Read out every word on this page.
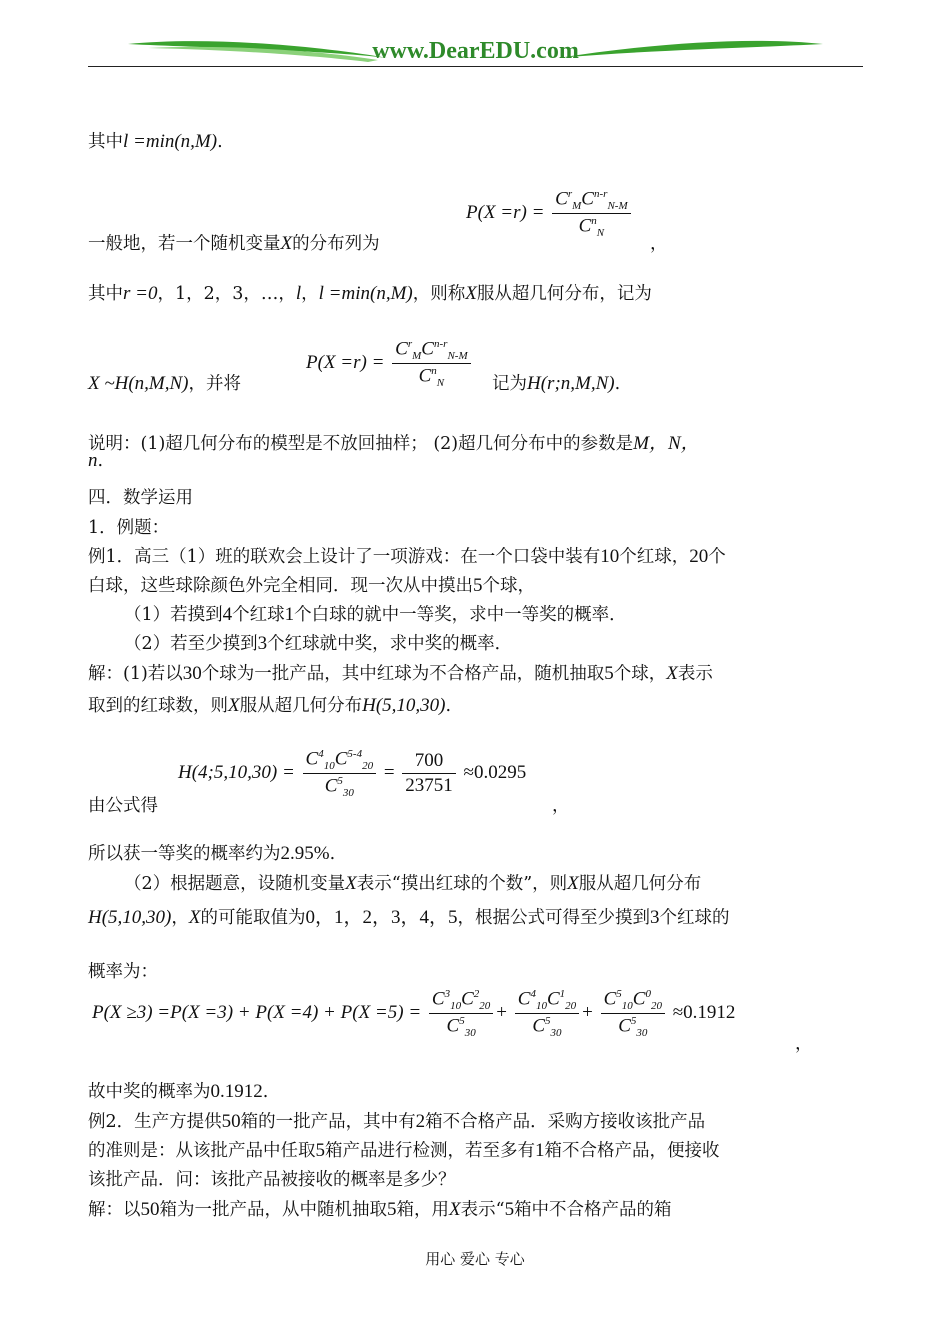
www.DearEDU.com
其中l =min(n,M).
$P(X =r) = \frac{C^r_MC^{n-r}_{N-M}}{C^n_N}$
一般地，若一个随机变量X的分布列为	，
其中r =0，1，2，3，…，l，l =min(n,M)，则称X服从超几何分布，记为
$P(X =r) = \frac{C^r_MC^{n-r}_{N-M}}{C^n_N}$
X ~H(n,M,N)，并将	记为H(r;n,M,N).
说明：(1)超几何分布的模型是不放回抽样； (2)超几何分布中的参数是M，N，
n.
四．数学运用
1．例题：
例1．高三（1）班的联欢会上设计了一项游戏：在一个口袋中装有10个红球，20个
白球，这些球除颜色外完全相同．现一次从中摸出5个球，
（1）若摸到4个红球1个白球的就中一等奖，求中一等奖的概率．
（2）若至少摸到3个红球就中奖，求中奖的概率．
解：(1)若以30个球为一批产品，其中红球为不合格产品，随机抽取5个球，X表示
取到的红球数，则X服从超几何分布H(5,10,30).
H(4;5,10,30) = $\frac{C^4_{10}C^{5-4}_{20}}{C^5_{30}} = \frac{700}{23751} \approx 0.0295$
由公式得	，
所以获一等奖的概率约为2.95%.
（2）根据题意，设随机变量X表示“摸出红球的个数”，则X服从超几何分布
H(5,10,30)，X的可能取值为0，1，2，3，4，5，根据公式可得至少摸到3个红球的
概率为：
$P(X \ge 3) =P(X =3) + P(X =4) + P(X =5) = \frac{C^3_{10}C^2_{20}}{C^5_{30}} + \frac{C^4_{10}C^1_{20}}{C^5_{30}} + \frac{C^5_{10}C^0_{20}}{C^5_{30}} \approx 0.1912$
，
故中奖的概率为0.1912.
例2．生产方提供50箱的一批产品，其中有2箱不合格产品．采购方接收该批产品
的准则是：从该批产品中任取5箱产品进行检测，若至多有1箱不合格产品，便接收
该批产品．问：该批产品被接收的概率是多少？
解：以50箱为一批产品，从中随机抽取5箱，用X表示“5箱中不合格产品的箱
用心 爱心 专心
